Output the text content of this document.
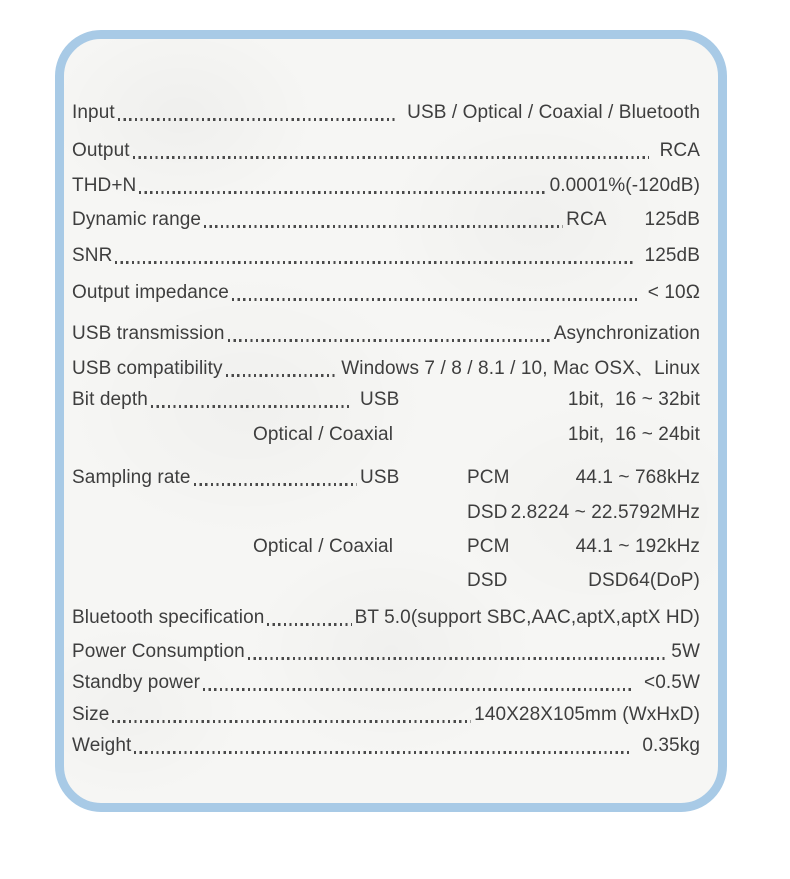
Input	USB / Optical / Coaxial / Bluetooth
Output	RCA
THD+N	0.0001%(-120dB)
Dynamic range	RCA 125dB
SNR	125dB
Output impedance	< 10Ω
USB transmission	Asynchronization
USB compatibility	Windows 7 / 8 / 8.1 / 10, Mac OSX、Linux
Bit depth	USB	1bit,  16 ~ 32bit
Optical / Coaxial	1bit,  16 ~ 24bit
Sampling rate	USB	PCM	44.1 ~ 768kHz
DSD 2.8224 ~ 22.5792MHz
Optical / Coaxial	PCM	44.1 ~ 192kHz
DSD	DSD64(DoP)
Bluetooth specification	BT 5.0(support SBC,AAC,aptX,aptX HD)
Power Consumption	5W
Standby power	<0.5W
Size	140X28X105mm (WxHxD)
Weight	0.35kg
